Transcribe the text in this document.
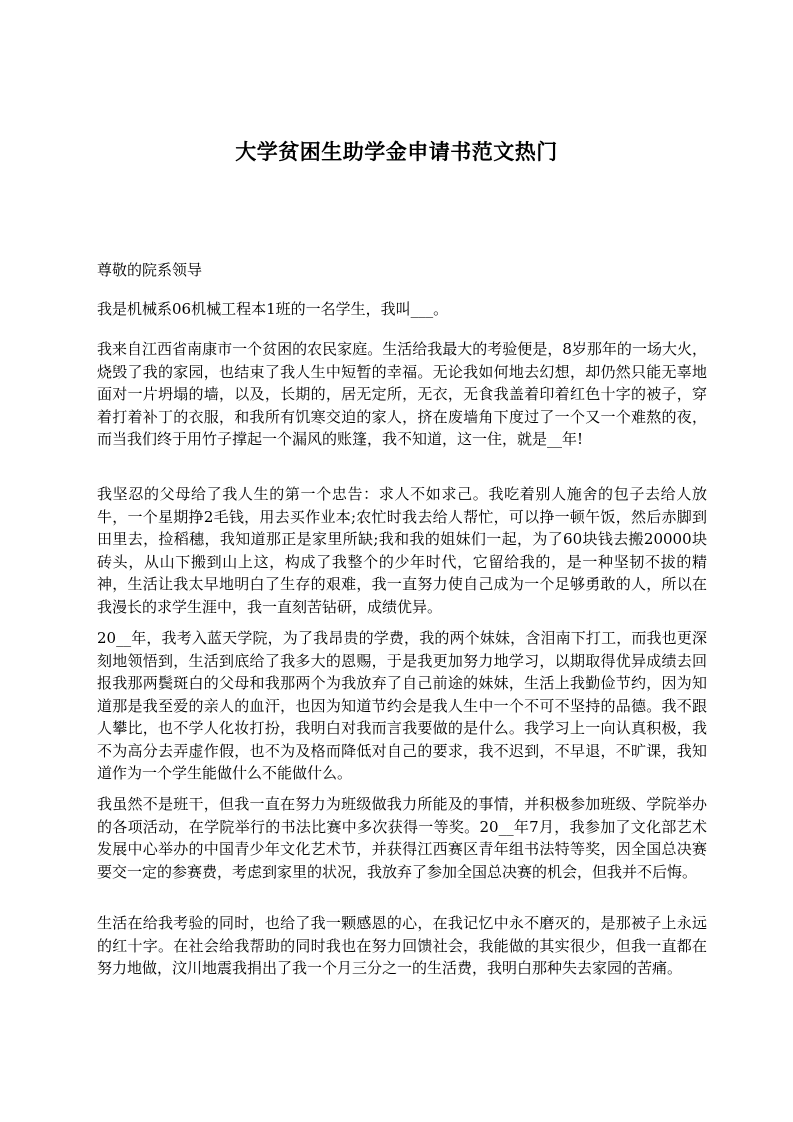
大学贫困生助学金申请书范文热门

尊敬的院系领导

我是机械系06机械工程本1班的一名学生，我叫___。

我来自江西省南康市一个贫困的农民家庭。生活给我最大的考验便是，8岁那年的一场大火，烧毁了我的家园，也结束了我人生中短暂的幸福。无论我如何地去幻想，却仍然只能无辜地面对一片坍塌的墙，以及，长期的，居无定所，无衣，无食我盖着印着红色十字的被子，穿着打着补丁的衣服，和我所有饥寒交迫的家人，挤在废墙角下度过了一个又一个难熬的夜，而当我们终于用竹子撑起一个漏风的账篷，我不知道，这一住，就是__年!

我坚忍的父母给了我人生的第一个忠告：求人不如求己。我吃着别人施舍的包子去给人放牛，一个星期挣2毛钱，用去买作业本;农忙时我去给人帮忙，可以挣一顿午饭，然后赤脚到田里去，捡稻穗，我知道那正是家里所缺;我和我的姐妹们一起，为了60块钱去搬20000块砖头，从山下搬到山上这，构成了我整个的少年时代，它留给我的，是一种坚韧不拔的精神，生活让我太早地明白了生存的艰难，我一直努力使自己成为一个足够勇敢的人，所以在我漫长的求学生涯中，我一直刻苦钻研，成绩优异。

20__年，我考入蓝天学院，为了我昂贵的学费，我的两个妹妹，含泪南下打工，而我也更深刻地领悟到，生活到底给了我多大的恩赐，于是我更加努力地学习，以期取得优异成绩去回报我那两鬓斑白的父母和我那两个为我放弃了自己前途的妹妹，生活上我勤俭节约，因为知道那是我至爱的亲人的血汗，也因为知道节约会是我人生中一个不可不坚持的品德。我不跟人攀比，也不学人化妆打扮，我明白对我而言我要做的是什么。我学习上一向认真积极，我不为高分去弄虚作假，也不为及格而降低对自己的要求，我不迟到，不早退，不旷课，我知道作为一个学生能做什么不能做什么。

我虽然不是班干，但我一直在努力为班级做我力所能及的事情，并积极参加班级、学院举办的各项活动，在学院举行的书法比赛中多次获得一等奖。20__年7月，我参加了文化部艺术发展中心举办的中国青少年文化艺术节，并获得江西赛区青年组书法特等奖，因全国总决赛要交一定的参赛费，考虑到家里的状况，我放弃了参加全国总决赛的机会，但我并不后悔。

生活在给我考验的同时，也给了我一颗感恩的心，在我记忆中永不磨灭的，是那被子上永远的红十字。在社会给我帮助的同时我也在努力回馈社会，我能做的其实很少，但我一直都在努力地做，汶川地震我捐出了我一个月三分之一的生活费，我明白那种失去家园的苦痛。
